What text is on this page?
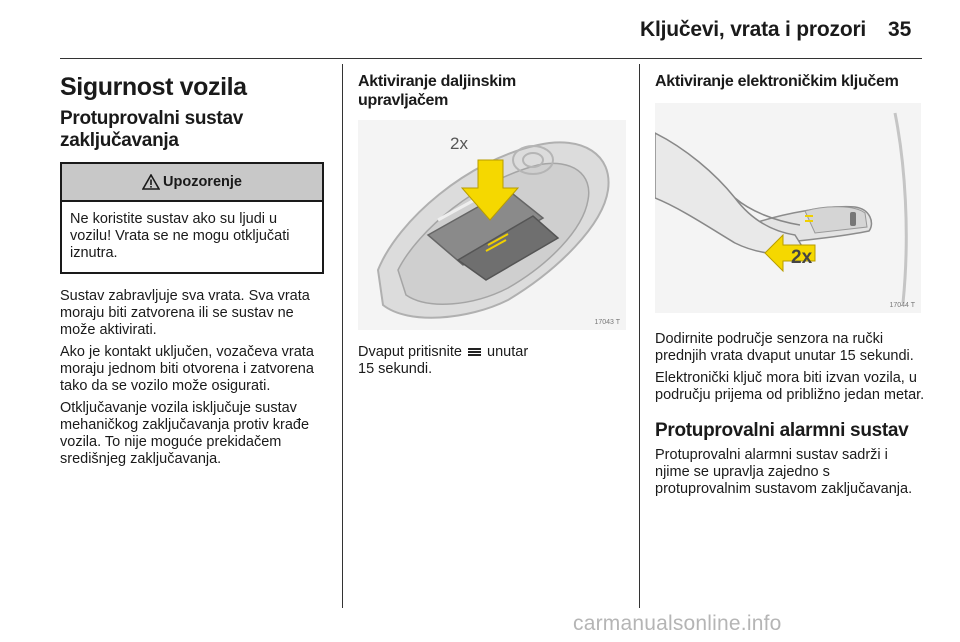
Ključevi, vrata i prozori 35
Sigurnost vozila
Protuprovalni sustav zaključavanja
Upozorenje
Ne koristite sustav ako su ljudi u vozilu! Vrata se ne mogu otključati iznutra.

Sustav zabravljuje sva vrata. Sva vrata moraju biti zatvorena ili se sustav ne može aktivirati.

Ako je kontakt uključen, vozačeva vrata moraju jednom biti otvorena i zatvorena tako da se vozilo može osigurati.

Otključavanje vozila isključuje sustav mehaničkog zaključavanja protiv krađe vozila. To nije moguće prekidačem središnjeg zaključavanja.

Aktiviranje daljinskim upravljačem
2x
17043 T

Dvaput pritisnite unutar
15 sekundi.

Aktiviranje elektroničkim ključem
2x
17044 T

Dodirnite područje senzora na ručki prednjih vrata dvaput unutar 15 sekundi.

Elektronički ključ mora biti izvan vozila, u području prijema od približno jedan metar.

Protuprovalni alarmni sustav

Protuprovalni alarmni sustav sadrži i njime se upravlja zajedno s protuprovalnim sustavom zaključavanja.

carmanualsonline.info
